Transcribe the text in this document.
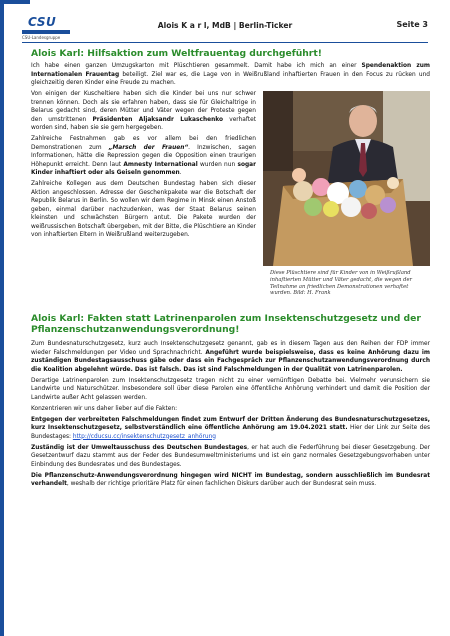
CSU
CSU-Landesgruppe
Alois K a r l, MdB | Berlin-Ticker	Seite 3
Alois Karl: Hilfsaktion zum Weltfrauentag durchgeführt!

Ich habe einen ganzen Umzugskarton mit Plüschtieren gesammelt. Damit habe ich mich an einer Spendenaktion zum Internationalen Frauentag beteiligt. Ziel war es, die Lage von in Weißrußland inhaftierten Frauen in den Focus zu rücken und gleichzeitig deren Kinder eine Freude zu machen.

Von einigen der Kuscheltiere haben sich die Kinder bei uns nur schwer trennen können. Doch als sie erfahren haben, dass sie für Gleichaltrige in Belarus gedacht sind, deren Mütter und Väter wegen der Proteste gegen den umstrittenen Präsidenten Aljaksandr Lukaschenko verhaftet worden sind, haben sie sie gern hergegeben.

Zahlreiche Festnahmen gab es vor allem bei den friedlichen Demonstrationen zum „Marsch der Frauen“. Inzwischen, sagen Informationen, hätte die Repression gegen die Opposition einen traurigen Höhepunkt erreicht. Denn laut Amnesty International wurden nun sogar Kinder inhaftiert oder als Geiseln genommen.

Zahlreiche Kollegen aus dem Deutschen Bundestag haben sich dieser Aktion angeschlossen. Adresse der Geschenkpakete war die Botschaft der Republik Belarus in Berlin. So wollen wir dem Regime in Minsk einen Anstoß geben, einmal darüber nachzudenken, was der Staat Belarus seinen kleinsten und schwächsten Bürgern antut. Die Pakete wurden der weißrussischen Botschaft übergeben, mit der Bitte, die Plüschtiere an Kinder von inhaftierten Eltern in Weißrußland weiterzugeben.

Diese Plüschtiere sind für Kinder von in Weißrußland inhaftierten Mütter und Väter gedacht, die wegen der Teilnahme an friedlichen Demonstrationen verhaftet wurden. Bild: H. Frank
Alois Karl: Fakten statt Latrinenparolen zum Insektenschutzgesetz und der Pflanzenschutzanwendungsverordnung!

Zum Bundesnaturschutzgesetz, kurz auch Insektenschutzgesetz genannt, gab es in diesem Tagen aus den Reihen der FDP immer wieder Falschmeldungen per Video und Sprachnachricht. Angeführt wurde beispielsweise, dass es keine Anhörung dazu im zuständigen Bundestagsausschuss gäbe oder dass ein Fachgespräch zur Pflanzenschutzanwendungsverordnung durch die Koalition abgelehnt würde. Das ist falsch. Das ist sind Falschmeldungen in der Qualität von Latrinenparolen.

Derartige Latrinenparolen zum Insektenschutzgesetz tragen nicht zu einer vernünftigen Debatte bei. Vielmehr verunsichern sie Landwirte und Naturschützer. Insbesondere soll über diese Parolen eine öffentliche Anhörung verhindert und damit die Position der Landwirte außer Acht gelassen werden.

Konzentrieren wir uns daher lieber auf die Fakten:

Entgegen der verbreiteten Falschmeldungen findet zum Entwurf der Dritten Änderung des Bundesnaturschutzgesetzes, kurz Insektenschutzgesetz, selbstverständlich eine öffentliche Anhörung am 19.04.2021 statt. Hier der Link zur Seite des Bundestages: http://cducsu.cc/insektenschutzgesetz_anhörung

Zuständig ist der Umweltausschuss des Deutschen Bundestages, er hat auch die Federführung bei dieser Gesetzgebung. Der Gesetzentwurf dazu stammt aus der Feder des Bundesumweltministeriums und ist ein ganz normales Gesetzgebungsvorhaben unter Einbindung des Bundesrates und des Bundestages.

Die Pflanzenschutz-Anwendungsverordnung hingegen wird NICHT im Bundestag, sondern ausschließlich im Bundesrat verhandelt, weshalb der richtige prioritäre Platz für einen fachlichen Diskurs darüber auch der Bundesrat sein muss.
